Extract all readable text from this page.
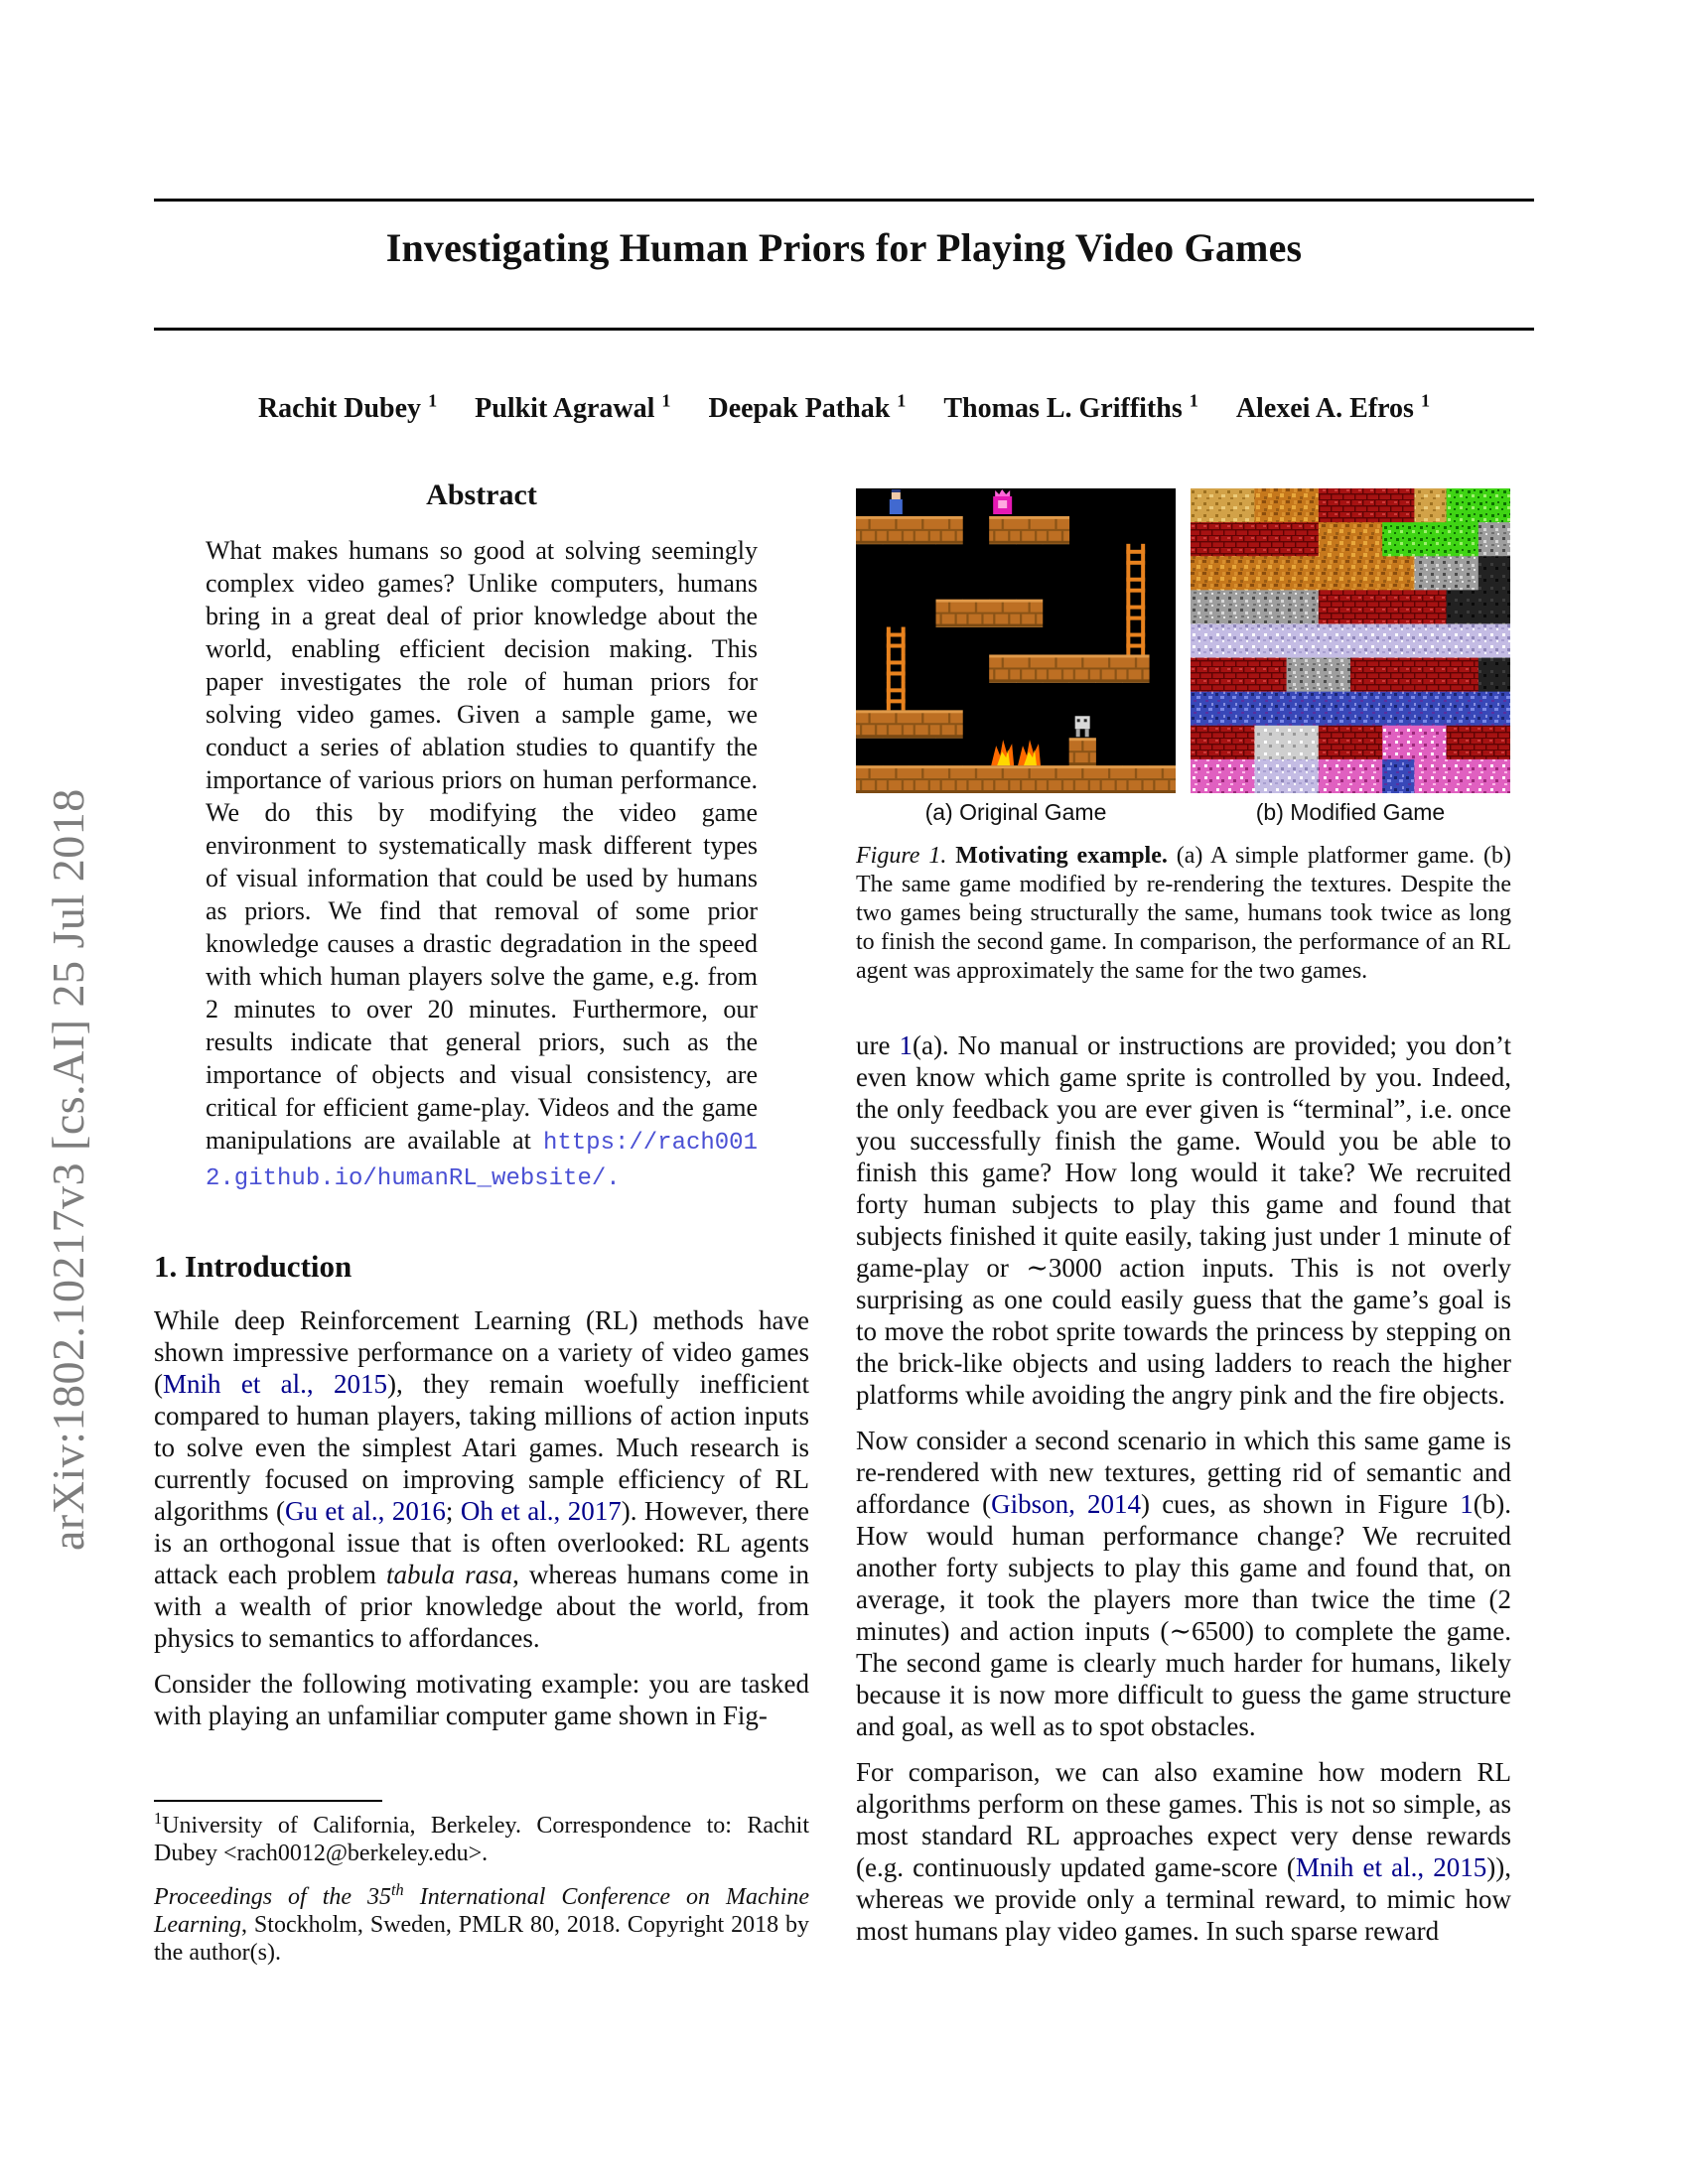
arXiv:1802.10217v3 [cs.AI] 25 Jul 2018
Investigating Human Priors for Playing Video Games
Rachit Dubey $^1$ Pulkit Agrawal $^1$ Deepak Pathak $^1$ Thomas L. Griffiths $^1$ Alexei A. Efros $^1$
Abstract
What makes humans so good at solving seemingly complex video games? Unlike computers, humans bring in a great deal of prior knowledge about the world, enabling efficient decision making. This paper investigates the role of human priors for solving video games. Given a sample game, we conduct a series of ablation studies to quantify the importance of various priors on human performance. We do this by modifying the video game environment to systematically mask different types of visual information that could be used by humans as priors. We find that removal of some prior knowledge causes a drastic degradation in the speed with which human players solve the game, e.g. from 2 minutes to over 20 minutes. Furthermore, our results indicate that general priors, such as the importance of objects and visual consistency, are critical for efficient game-play. Videos and the game manipulations are available at https://rach0012.github.io/humanRL_website/.
1. Introduction
While deep Reinforcement Learning (RL) methods have shown impressive performance on a variety of video games (Mnih et al., 2015), they remain woefully inefficient compared to human players, taking millions of action inputs to solve even the simplest Atari games. Much research is currently focused on improving sample efficiency of RL algorithms (Gu et al., 2016; Oh et al., 2017). However, there is an orthogonal issue that is often overlooked: RL agents attack each problem tabula rasa, whereas humans come in with a wealth of prior knowledge about the world, from physics to semantics to affordances.
Consider the following motivating example: you are tasked with playing an unfamiliar computer game shown in Fig-
$^1$University of California, Berkeley. Correspondence to: Rachit Dubey <rach0012@berkeley.edu>.
Proceedings of the 35th International Conference on Machine Learning, Stockholm, Sweden, PMLR 80, 2018. Copyright 2018 by the author(s).
(a) Original Game	(b) Modified Game
Figure 1. Motivating example. (a) A simple platformer game. (b) The same game modified by re-rendering the textures. Despite the two games being structurally the same, humans took twice as long to finish the second game. In comparison, the performance of an RL agent was approximately the same for the two games.
ure 1(a). No manual or instructions are provided; you don’t even know which game sprite is controlled by you. Indeed, the only feedback you are ever given is “terminal”, i.e. once you successfully finish the game. Would you be able to finish this game? How long would it take? We recruited forty human subjects to play this game and found that subjects finished it quite easily, taking just under 1 minute of game-play or ∼3000 action inputs. This is not overly surprising as one could easily guess that the game’s goal is to move the robot sprite towards the princess by stepping on the brick-like objects and using ladders to reach the higher platforms while avoiding the angry pink and the fire objects.
Now consider a second scenario in which this same game is re-rendered with new textures, getting rid of semantic and affordance (Gibson, 2014) cues, as shown in Figure 1(b). How would human performance change? We recruited another forty subjects to play this game and found that, on average, it took the players more than twice the time (2 minutes) and action inputs (∼6500) to complete the game. The second game is clearly much harder for humans, likely because it is now more difficult to guess the game structure and goal, as well as to spot obstacles.
For comparison, we can also examine how modern RL algorithms perform on these games. This is not so simple, as most standard RL approaches expect very dense rewards (e.g. continuously updated game-score (Mnih et al., 2015)), whereas we provide only a terminal reward, to mimic how most humans play video games. In such sparse reward
